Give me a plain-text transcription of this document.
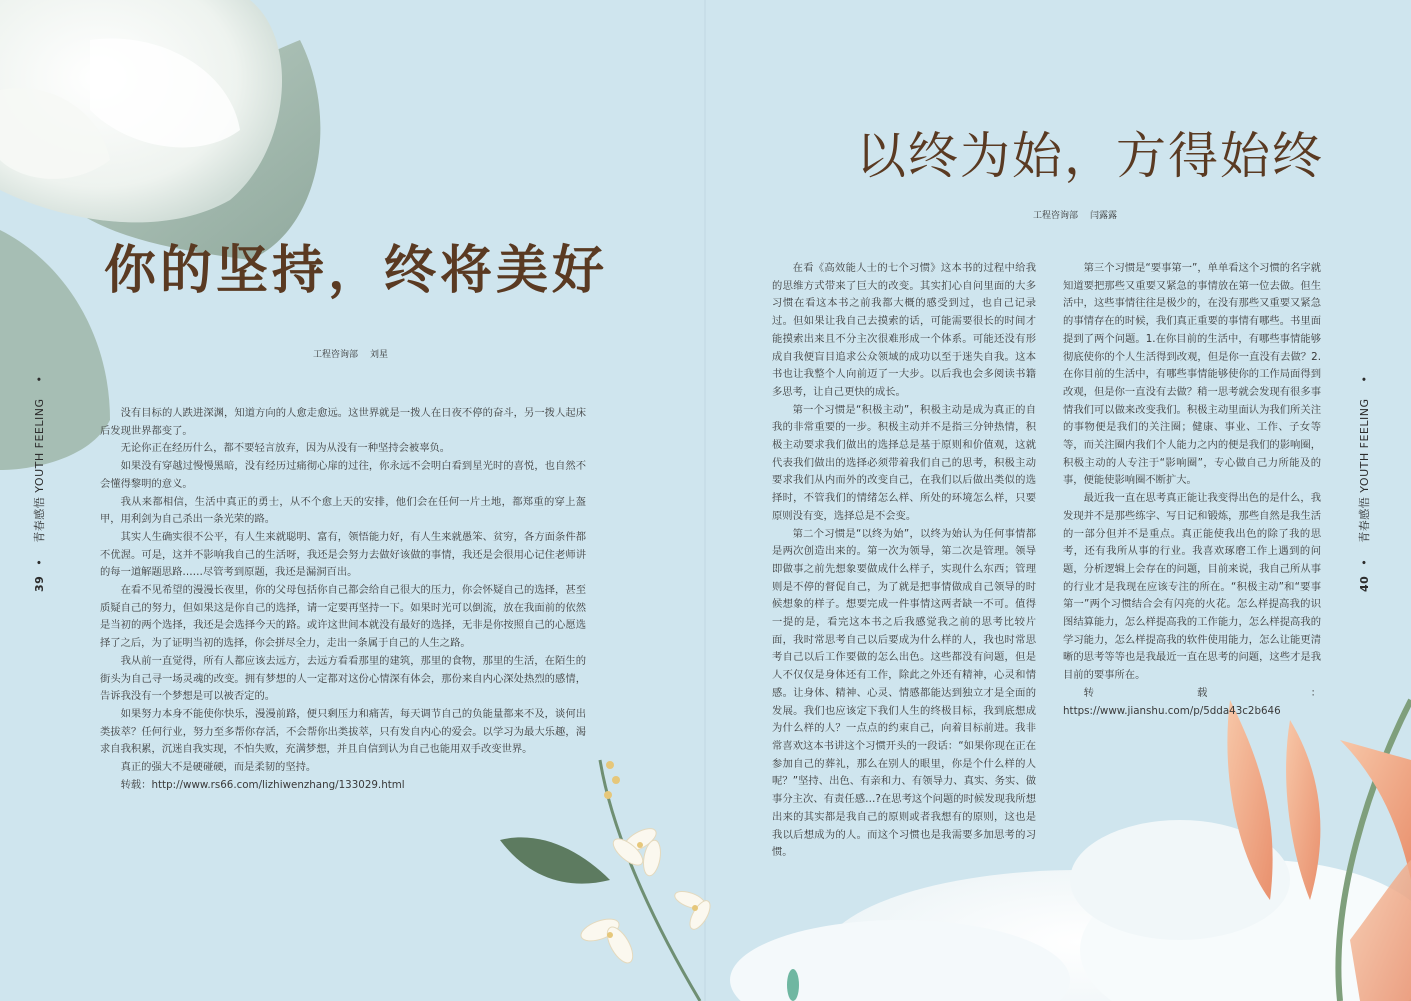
你的坚持，终将美好
工程咨询部 刘星

没有目标的人跌进深渊，知道方向的人愈走愈远。这世界就是一拨人在日夜不停的奋斗，另一拨人起床后发现世界都变了。

无论你正在经历什么，都不要轻言放弃，因为从没有一种坚持会被辜负。

如果没有穿越过慢慢黑暗，没有经历过痛彻心扉的过往，你永远不会明白看到星光时的喜悦，也自然不会懂得黎明的意义。

我从来都相信，生活中真正的勇士，从不个愈上天的安排，他们会在任何一片土地，都郑重的穿上盔甲，用利剑为自己杀出一条光荣的路。

其实人生确实很不公平，有人生来就聪明、富有，领悟能力好，有人生来就愚笨、贫穷，各方面条件都不优渥。可是，这并不影响我自己的生活呀，我还是会努力去做好该做的事情，我还是会很用心记住老师讲的每一道解题思路……尽管考到原题，我还是漏洞百出。

在看不见希望的漫漫长夜里，你的父母包括你自己都会给自己很大的压力，你会怀疑自己的选择，甚至质疑自己的努力，但如果这是你自己的选择，请一定要再坚持一下。如果时光可以倒流，放在我面前的依然是当初的两个选择，我还是会选择今天的路。或许这世间本就没有最好的选择，无非是你按照自己的心愿选择了之后，为了证明当初的选择，你会拼尽全力，走出一条属于自己的人生之路。

我从前一直觉得，所有人都应该去远方，去远方看看那里的建筑，那里的食物，那里的生活，在陌生的街头为自己寻一场灵魂的改变。拥有梦想的人一定都对这份心情深有体会，那份来自内心深处热烈的感情，告诉我没有一个梦想是可以被否定的。

如果努力本身不能使你快乐，漫漫前路，便只剩压力和痛苦，每天调节自己的负能量都来不及，谈何出类拔萃？任何行业，努力至多帮你存活，不会帮你出类拔萃，只有发自内心的爱会。以学习为最大乐趣，渴求自我积累，沉迷自我实现，不怕失败，充满梦想，并且自信到认为自己也能用双手改变世界。

真正的强大不是硬碰硬，而是柔韧的坚持。

转载：http://www.rs66.com/lizhiwenzhang/133029.html

39 • 青春感悟 YOUTH FEELING •
以终为始，方得始终
工程咨询部 闫露露

在看《高效能人士的七个习惯》这本书的过程中给我的思维方式带来了巨大的改变。其实扪心自问里面的大多习惯在看这本书之前我都大概的感受到过，也自己记录过。但如果让我自己去摸索的话，可能需要很长的时间才能摸索出来且不分主次很难形成一个体系。可能还没有形成自我便盲目追求公众领域的成功以至于迷失自我。这本书也让我整个人向前迈了一大步。以后我也会多阅读书籍多思考，让自己更快的成长。

第一个习惯是“积极主动”，积极主动是成为真正的自我的非常重要的一步。积极主动并不是指三分钟热情，积极主动要求我们做出的选择总是基于原则和价值观，这就代表我们做出的选择必须带着我们自己的思考，积极主动要求我们从内而外的改变自己，在我们以后做出类似的选择时，不管我们的情绪怎么样、所处的环境怎么样，只要原则没有变，选择总是不会变。

第二个习惯是“以终为始”，以终为始认为任何事情都是两次创造出来的。第一次为领导，第二次是管理。领导即做事之前先想象要做成什么样子，实现什么东西；管理则是不停的督促自己，为了就是把事情做成自己领导的时候想象的样子。想要完成一件事情这两者缺一不可。值得一提的是，看完这本书之后我感觉我之前的思考比较片面，我时常思考自己以后要成为什么样的人，我也时常思考自己以后工作要做的怎么出色。这些都没有问题，但是人不仅仅是身体还有工作，除此之外还有精神，心灵和情感。让身体、精神、心灵、情感都能达到独立才是全面的发展。我们也应该定下我们人生的终极目标，我到底想成为什么样的人？一点点的约束自己，向着目标前进。我非常喜欢这本书讲这个习惯开头的一段话：“如果你现在正在参加自己的葬礼，那么在别人的眼里，你是个什么样的人呢？”坚持、出色、有亲和力、有领导力、真实、务实、做事分主次、有责任感…?在思考这个问题的时候发现我所想出来的其实都是我自己的原则或者我想有的原则，这也是我以后想成为的人。而这个习惯也是我需要多加思考的习惯。

第三个习惯是“要事第一”，单单看这个习惯的名字就知道要把那些又重要又紧急的事情放在第一位去做。但生活中，这些事情往往是极少的，在没有那些又重要又紧急的事情存在的时候，我们真正重要的事情有哪些。书里面提到了两个问题。1.在你目前的生活中，有哪些事情能够彻底使你的个人生活得到改观，但是你一直没有去做？2.在你目前的生活中，有哪些事情能够使你的工作局面得到改观，但是你一直没有去做？稍一思考就会发现有很多事情我们可以做来改变我们。积极主动里面认为我们所关注的事物便是我们的关注圈；健康、事业、工作、子女等等，而关注圈内我们个人能力之内的便是我们的影响圈，积极主动的人专注于“影响圈”，专心做自己力所能及的事，便能使影响圈不断扩大。

最近我一直在思考真正能让我变得出色的是什么，我发现并不是那些练字、写日记和锻炼，那些自然是我生活的一部分但并不是重点。真正能使我出色的除了我的思考，还有我所从事的行业。我喜欢琢磨工作上遇到的问题，分析逻辑上会存在的问题，目前来说，我自己所从事的行业才是我现在应该专注的所在。“积极主动”和“要事第一”两个习惯结合会有闪亮的火花。怎么样提高我的识图结算能力，怎么样提高我的工作能力，怎么样提高我的学习能力，怎么样提高我的软件使用能力，怎么让能更清晰的思考等等也是我最近一直在思考的问题，这些才是我目前的要事所在。

转载：https://www.jianshu.com/p/5dda43c2b646

40 • 青春感悟 YOUTH FEELING •
